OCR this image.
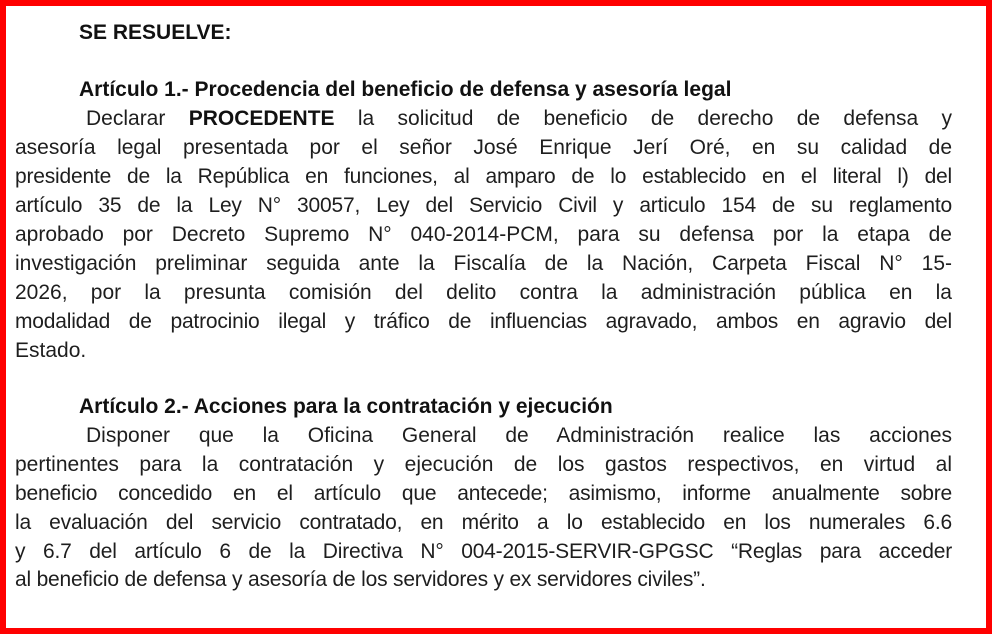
SE RESUELVE:
Artículo 1.- Procedencia del beneficio de defensa y asesoría legal
Declarar PROCEDENTE la solicitud de beneficio de derecho de defensa y
asesoría legal presentada por el señor José Enrique Jerí Oré, en su calidad de
presidente de la República en funciones, al amparo de lo establecido en el literal l) del
artículo 35 de la Ley N° 30057, Ley del Servicio Civil y articulo 154 de su reglamento
aprobado por Decreto Supremo N° 040-2014-PCM, para su defensa por la etapa de
investigación preliminar seguida ante la Fiscalía de la Nación, Carpeta Fiscal N° 15-
2026, por la presunta comisión del delito contra la administración pública en la
modalidad de patrocinio ilegal y tráfico de influencias agravado, ambos en agravio del
Estado.
Artículo 2.- Acciones para la contratación y ejecución
Disponer que la Oficina General de Administración realice las acciones
pertinentes para la contratación y ejecución de los gastos respectivos, en virtud al
beneficio concedido en el artículo que antecede; asimismo, informe anualmente sobre
la evaluación del servicio contratado, en mérito a lo establecido en los numerales 6.6
y 6.7 del artículo 6 de la Directiva N° 004-2015-SERVIR-GPGSC “Reglas para acceder
al beneficio de defensa y asesoría de los servidores y ex servidores civiles”.
